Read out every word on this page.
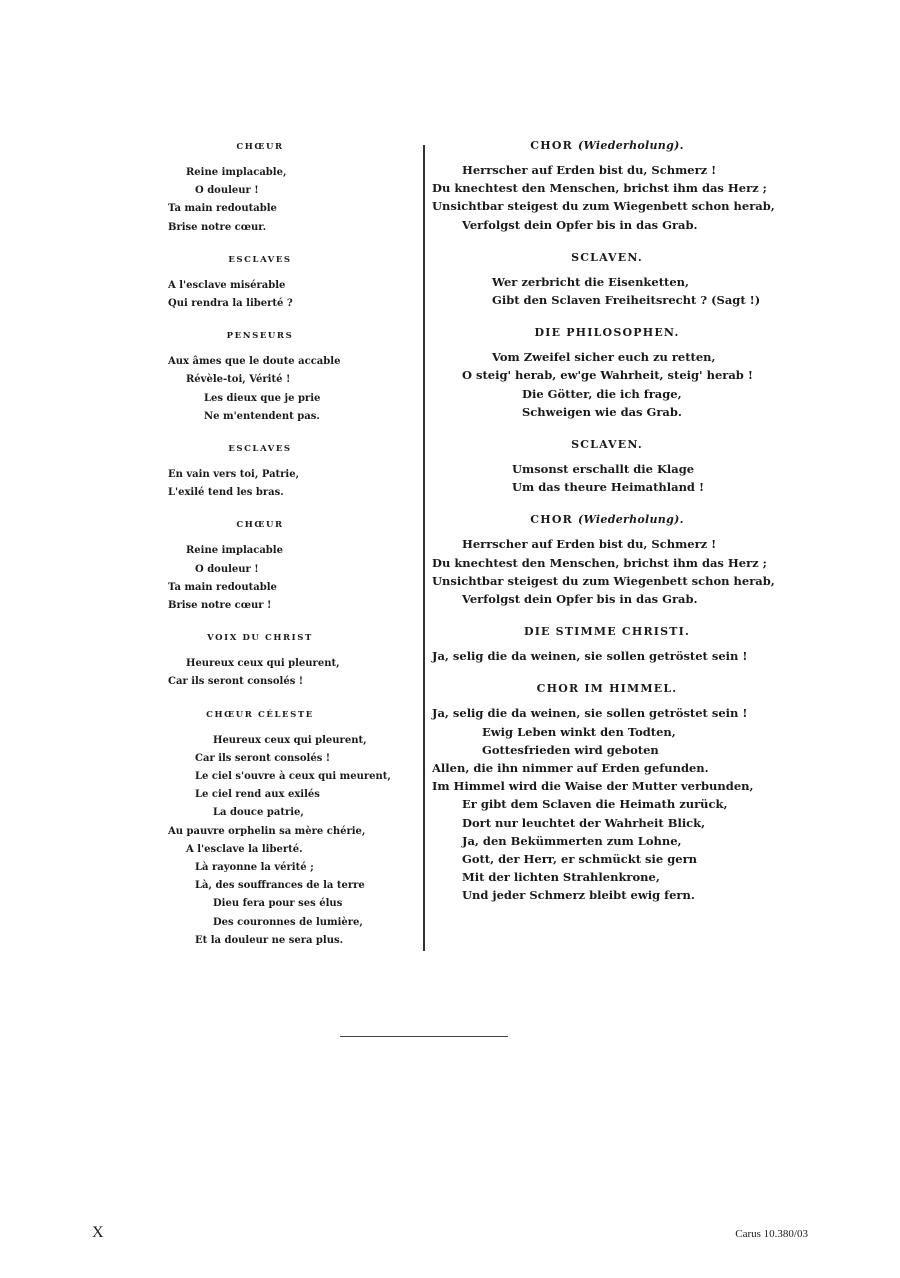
CHŒUR
Reine implacable,
O douleur !
Ta main redoutable
Brise notre cœur.
ESCLAVES
A l'esclave misérable
Qui rendra la liberté ?
PENSEURS
Aux âmes que le doute accable
Révèle-toi, Vérité !
Les dieux que je prie
Ne m'entendent pas.
ESCLAVES
En vain vers toi, Patrie,
L'exilé tend les bras.
CHŒUR
Reine implacable
O douleur !
Ta main redoutable
Brise notre cœur !
VOIX DU CHRIST
Heureux ceux qui pleurent,
Car ils seront consolés !
CHŒUR CÉLESTE
Heureux ceux qui pleurent,
Car ils seront consolés !
Le ciel s'ouvre à ceux qui meurent,
Le ciel rend aux exilés
La douce patrie,
Au pauvre orphelin sa mère chérie,
A l'esclave la liberté.
Là rayonne la vérité ;
Là, des souffrances de la terre
Dieu fera pour ses élus
Des couronnes de lumière,
Et la douleur ne sera plus.
CHOR (Wiederholung).
Herrscher auf Erden bist du, Schmerz !
Du knechtest den Menschen, brichst ihm das Herz ;
Unsichtbar steigest du zum Wiegenbett schon herab,
Verfolgst dein Opfer bis in das Grab.
SCLAVEN.
Wer zerbricht die Eisenketten,
Gibt den Sclaven Freiheitsrecht ? (Sagt !)
DIE PHILOSOPHEN.
Vom Zweifel sicher euch zu retten,
O steig' herab, ew'ge Wahrheit, steig' herab !
Die Götter, die ich frage,
Schweigen wie das Grab.
SCLAVEN.
Umsonst erschallt die Klage
Um das theure Heimathland !
CHOR (Wiederholung).
Herrscher auf Erden bist du, Schmerz !
Du knechtest den Menschen, brichst ihm das Herz ;
Unsichtbar steigest du zum Wiegenbett schon herab,
Verfolgst dein Opfer bis in das Grab.
DIE STIMME CHRISTI.
Ja, selig die da weinen, sie sollen getröstet sein !
CHOR IM HIMMEL.
Ja, selig die da weinen, sie sollen getröstet sein !
Ewig Leben winkt den Todten,
Gottesfrieden wird geboten
Allen, die ihn nimmer auf Erden gefunden.
Im Himmel wird die Waise der Mutter verbunden,
Er gibt dem Sclaven die Heimath zurück,
Dort nur leuchtet der Wahrheit Blick,
Ja, den Bekümmerten zum Lohne,
Gott, der Herr, er schmückt sie gern
Mit der lichten Strahlenkrone,
Und jeder Schmerz bleibt ewig fern.
X	Carus 10.380/03
